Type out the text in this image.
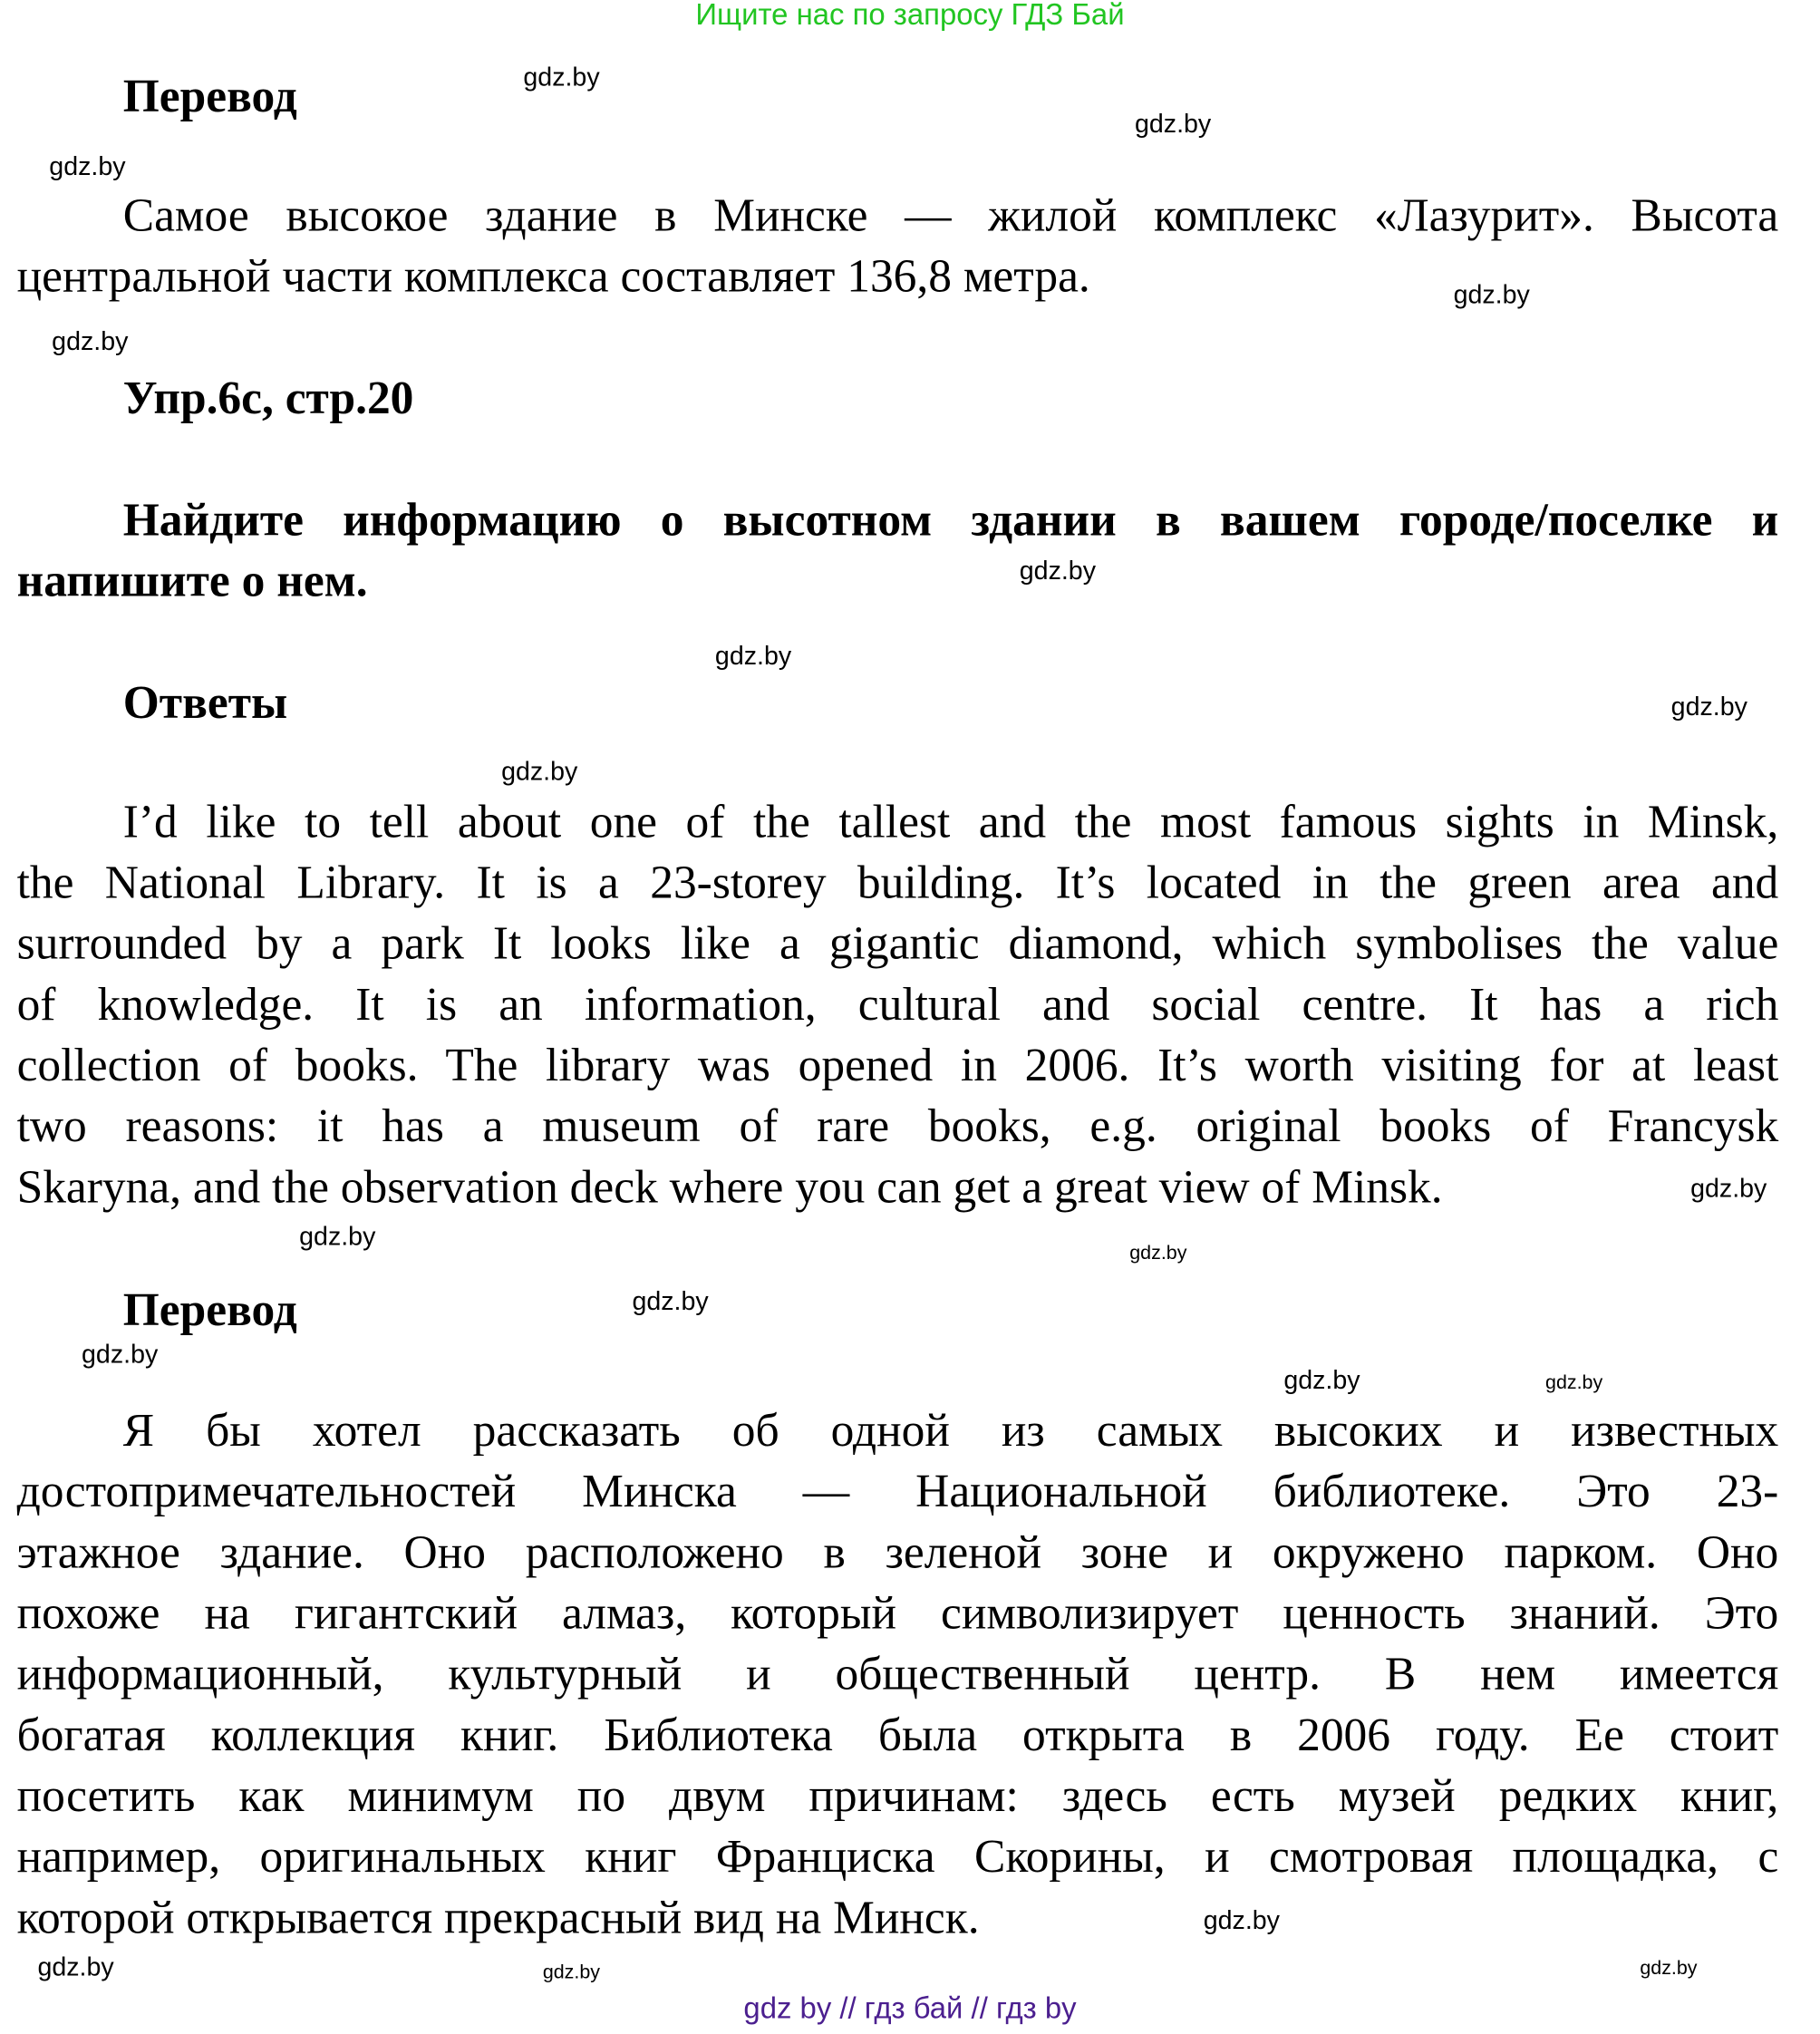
Ищите нас по запросу ГДЗ Бай
Перевод
Самое высокое здание в Минске — жилой комплекс «Лазурит». Высота
центральной части комплекса составляет 136,8 метра.
Упр.6с, стр.20
Найдите информацию о высотном здании в вашем городе/поселке и
напишите о нем.
Ответы
I’d like to tell about one of the tallest and the most famous sights in Minsk,
the National Library. It is a 23-storey building. It’s located in the green area and
surrounded by a park It looks like a gigantic diamond, which symbolises the value
of knowledge. It is an information, cultural and social centre. It has a rich
collection of books. The library was opened in 2006. It’s worth visiting for at least
two reasons: it has a museum of rare books, e.g. original books of Francysk
Skaryna, and the observation deck where you can get a great view of Minsk.
Перевод
Я бы хотел рассказать об одной из самых высоких и известных
достопримечательностей Минска — Национальной библиотеке. Это 23-
этажное здание. Оно расположено в зеленой зоне и окружено парком. Оно
похоже на гигантский алмаз, который символизирует ценность знаний. Это
информационный, культурный и общественный центр. В нем имеется
богатая коллекция книг. Библиотека была открыта в 2006 году. Ее стоит
посетить как минимум по двум причинам: здесь есть музей редких книг,
например, оригинальных книг Франциска Скорины, и смотровая площадка, с
которой открывается прекрасный вид на Минск.
gdz.by
gdz.by
gdz.by
gdz.by
gdz.by
gdz.by
gdz.by
gdz.by
gdz.by
gdz.by
gdz.by
gdz.by
gdz.by
gdz.by
gdz.by	gdz.by
gdz.by	gdz.by
gdz.by
gdz.by
gdz by // гдз бай // гдз by
